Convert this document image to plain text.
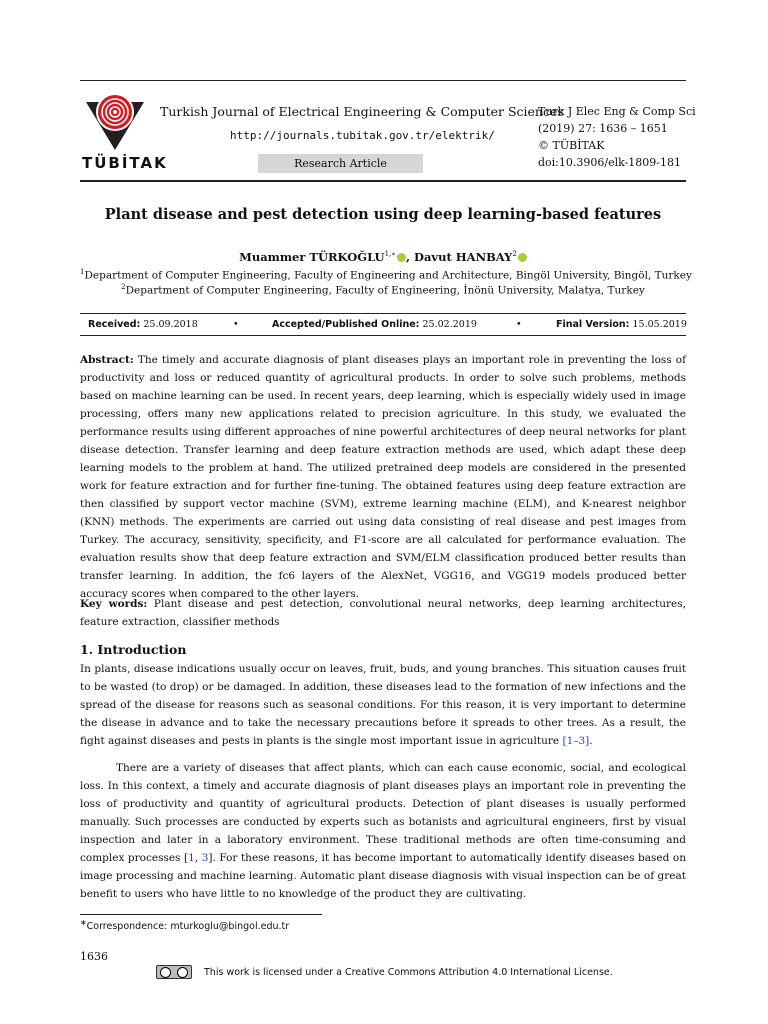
TÜBİTAK
Turkish Journal of Electrical Engineering & Computer Sciences
http://journals.tubitak.gov.tr/elektrik/
Research Article
Turk J Elec Eng & Comp Sci
(2019) 27: 1636 – 1651
© TÜBİTAK
doi:10.3906/elk-1809-181
Plant disease and pest detection using deep learning-based features
Muammer $TÜRKOĞLU^{1,∗}$ , Davut HANBAY$^2$
$^1$Department of Computer Engineering, Faculty of Engineering and Architecture, Bingöl University, Bingöl, Turkey
$^2$Department of Computer Engineering, Faculty of Engineering, İnönü University, Malatya, Turkey
Received: 25.09.2018	•	Accepted/Published Online: 25.02.2019	•	Final Version: 15.05.2019
Abstract: The timely and accurate diagnosis of plant diseases plays an important role in preventing the loss of productivity and loss or reduced quantity of agricultural products. In order to solve such problems, methods based on machine learning can be used. In recent years, deep learning, which is especially widely used in image processing, offers many new applications related to precision agriculture. In this study, we evaluated the performance results using different approaches of nine powerful architectures of deep neural networks for plant disease detection. Transfer learning and deep feature extraction methods are used, which adapt these deep learning models to the problem at hand. The utilized pretrained deep models are considered in the presented work for feature extraction and for further fine-tuning. The obtained features using deep feature extraction are then classified by support vector machine (SVM), extreme learning machine (ELM), and K-nearest neighbor (KNN) methods. The experiments are carried out using data consisting of real disease and pest images from Turkey. The accuracy, sensitivity, specificity, and F1-score are all calculated for performance evaluation. The evaluation results show that deep feature extraction and SVM/ELM classification produced better results than transfer learning. In addition, the fc6 layers of the AlexNet, VGG16, and VGG19 models produced better accuracy scores when compared to the other layers.
Key words: Plant disease and pest detection, convolutional neural networks, deep learning architectures, feature extraction, classifier methods
1. Introduction
In plants, disease indications usually occur on leaves, fruit, buds, and young branches. This situation causes fruit to be wasted (to drop) or be damaged. In addition, these diseases lead to the formation of new infections and the spread of the disease for reasons such as seasonal conditions. For this reason, it is very important to determine the disease in advance and to take the necessary precautions before it spreads to other trees. As a result, the fight against diseases and pests in plants is the single most important issue in agriculture [1–3].
There are a variety of diseases that affect plants, which can each cause economic, social, and ecological loss. In this context, a timely and accurate diagnosis of plant diseases plays an important role in preventing the loss of productivity and quantity of agricultural products. Detection of plant diseases is usually performed manually. Such processes are conducted by experts such as botanists and agricultural engineers, first by visual inspection and later in a laboratory environment. These traditional methods are often time-consuming and complex processes [1, 3]. For these reasons, it has become important to automatically identify diseases based on image processing and machine learning. Automatic plant disease diagnosis with visual inspection can be of great benefit to users who have little to no knowledge of the product they are cultivating.
∗Correspondence: mturkoglu@bingol.edu.tr
1636
This work is licensed under a Creative Commons Attribution 4.0 International License.
